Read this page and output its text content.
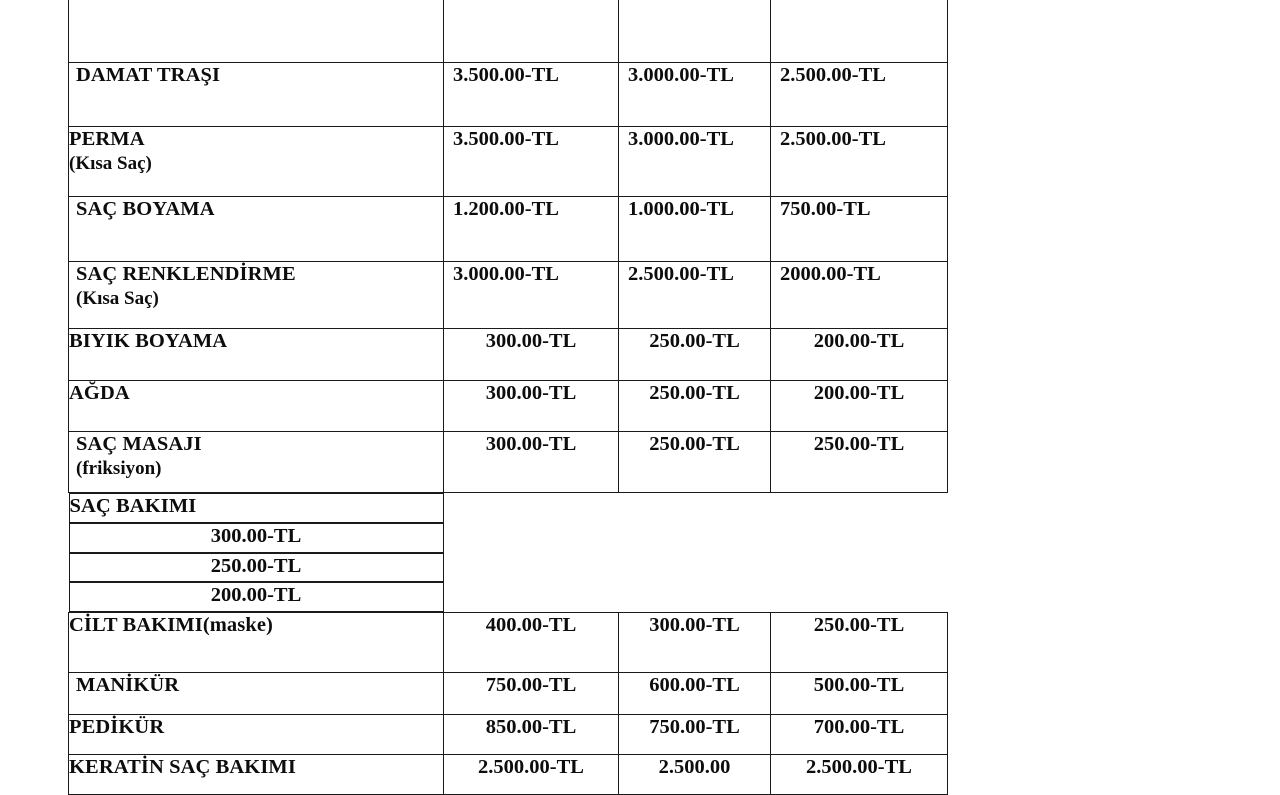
DAMAT TRAŞI	3.500.00-TL	3.000.00-TL	2.500.00-TL

PERMA
(Kısa Saç)	3.500.00-TL	3.000.00-TL	2.500.00-TL

SAÇ BOYAMA	1.200.00-TL	1.000.00-TL	750.00-TL

SAÇ RENKLENDİRME
(Kısa Saç)	3.000.00-TL	2.500.00-TL	2000.00-TL

BIYIK BOYAMA	300.00-TL	250.00-TL	200.00-TL

AĞDA	300.00-TL	250.00-TL	200.00-TL

SAÇ MASAJI
(friksiyon)	300.00-TL	250.00-TL	250.00-TL

SAÇ BAKIMI
300.00-TL
250.00-TL
200.00-TL

CİLT BAKIMI(maske)	400.00-TL	300.00-TL	250.00-TL

MANİKÜR	750.00-TL	600.00-TL	500.00-TL

PEDİKÜR	850.00-TL	750.00-TL	700.00-TL

KERATİN SAÇ BAKIMI	2.500.00-TL	2.500.00	2.500.00-TL
